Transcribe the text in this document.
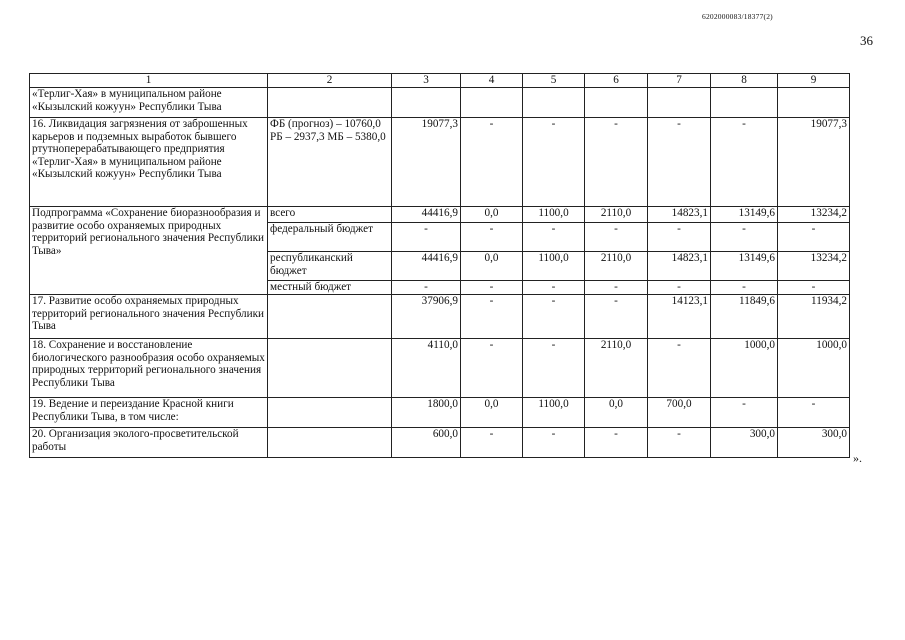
6202000083/18377(2)
36
1	2	3	4	5	6	7	8	9
«Терлиг-Хая» в муниципальном районе «Кызылский кожуун» Республики Тыва								
16. Ликвидация загрязнения от заброшенных карьеров и подземных выработок бывшего ртутноперерабатывающего предприятия «Терлиг-Хая» в муниципальном районе «Кызылский кожуун» Республики Тыва	ФБ (прогноз) – 10760,0 РБ – 2937,3 МБ – 5380,0	19077,3	-	-	-	-	-	19077,3
Подпрограмма «Сохранение биоразнообразия и развитие особо охраняемых природных территорий регионального значения Республики Тыва»	всего	44416,9	0,0	1100,0	2110,0	14823,1	13149,6	13234,2
	федеральный бюджет	-	-	-	-	-	-	-
	республиканский бюджет	44416,9	0,0	1100,0	2110,0	14823,1	13149,6	13234,2
	местный бюджет	-	-	-	-	-	-	-
17. Развитие особо охраняемых природных территорий регионального значения Республики Тыва		37906,9	-	-	-	14123,1	11849,6	11934,2
18. Сохранение и восстановление биологического разнообразия особо охраняемых природных территорий регионального значения Республики Тыва		4110,0	-	-	2110,0	-	1000,0	1000,0
19. Ведение и переиздание Красной книги Республики Тыва, в том числе:		1800,0	0,0	1100,0	0,0	700,0	-	-
20. Организация эколого-просветительской работы		600,0	-	-	-	-	300,0	300,0
».
